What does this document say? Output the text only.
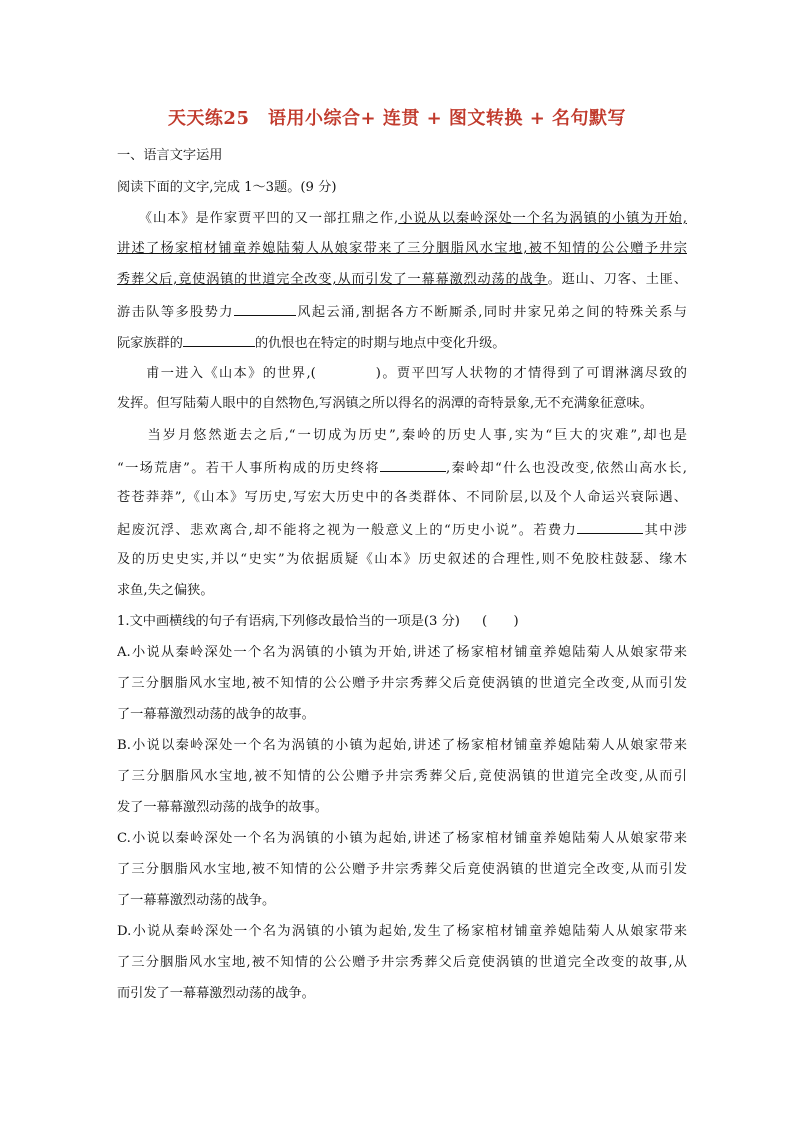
天天练25　语用小综合+ 连贯 + 图文转换 + 名句默写
一、语言文字运用
阅读下面的文字,完成 1～3题。(9 分)
　　《山本》是作家贾平凹的又一部扛鼎之作,小说从以秦岭深处一个名为涡镇的小镇为开始,
讲述了杨家棺材铺童养媳陆菊人从娘家带来了三分胭脂风水宝地,被不知情的公公赠予井宗
秀葬父后,竟使涡镇的世道完全改变,从而引发了一幕幕激烈动荡的战争。逛山、刀客、土匪、
游击队等多股势力	风起云涌,割据各方不断厮杀,同时井家兄弟之间的特殊关系与
阮家族群的	的仇恨也在特定的时期与地点中变化升级。
　　甫一进入《山本》的世界,(	)。贾平凹写人状物的才情得到了可谓淋漓尽致的
发挥。但写陆菊人眼中的自然物色,写涡镇之所以得名的涡潭的奇特景象,无不充满象征意味。
　　当岁月悠然逝去之后,“一切成为历史”,秦岭的历史人事,实为“巨大的灾难”,却也是
“一场荒唐”。若干人事所构成的历史终将	,秦岭却“什么也没改变,依然山高水长,
苍苍莽莽”,《山本》写历史,写宏大历史中的各类群体、不同阶层,以及个人命运兴衰际遇、
起废沉浮、悲欢离合,却不能将之视为一般意义上的“历史小说”。若费力	其中涉
及的历史史实,并以“史实”为依据质疑《山本》历史叙述的合理性,则不免胶柱鼓瑟、缘木
求鱼,失之偏狭。
1.文中画横线的句子有语病,下列修改最恰当的一项是(3 分) (　　)
A.小说从秦岭深处一个名为涡镇的小镇为开始,讲述了杨家棺材铺童养媳陆菊人从娘家带来
了三分胭脂风水宝地,被不知情的公公赠予井宗秀葬父后竟使涡镇的世道完全改变,从而引发
了一幕幕激烈动荡的战争的故事。
B.小说以秦岭深处一个名为涡镇的小镇为起始,讲述了杨家棺材铺童养媳陆菊人从娘家带来
了三分胭脂风水宝地,被不知情的公公赠予井宗秀葬父后,竟使涡镇的世道完全改变,从而引
发了一幕幕激烈动荡的战争的故事。
C.小说以秦岭深处一个名为涡镇的小镇为起始,讲述了杨家棺材铺童养媳陆菊人从娘家带来
了三分胭脂风水宝地,被不知情的公公赠予井宗秀葬父后竟使涡镇的世道完全改变,从而引发
了一幕幕激烈动荡的战争。
D.小说从秦岭深处一个名为涡镇的小镇为起始,发生了杨家棺材铺童养媳陆菊人从娘家带来
了三分胭脂风水宝地,被不知情的公公赠予井宗秀葬父后竟使涡镇的世道完全改变的故事,从
而引发了一幕幕激烈动荡的战争。
